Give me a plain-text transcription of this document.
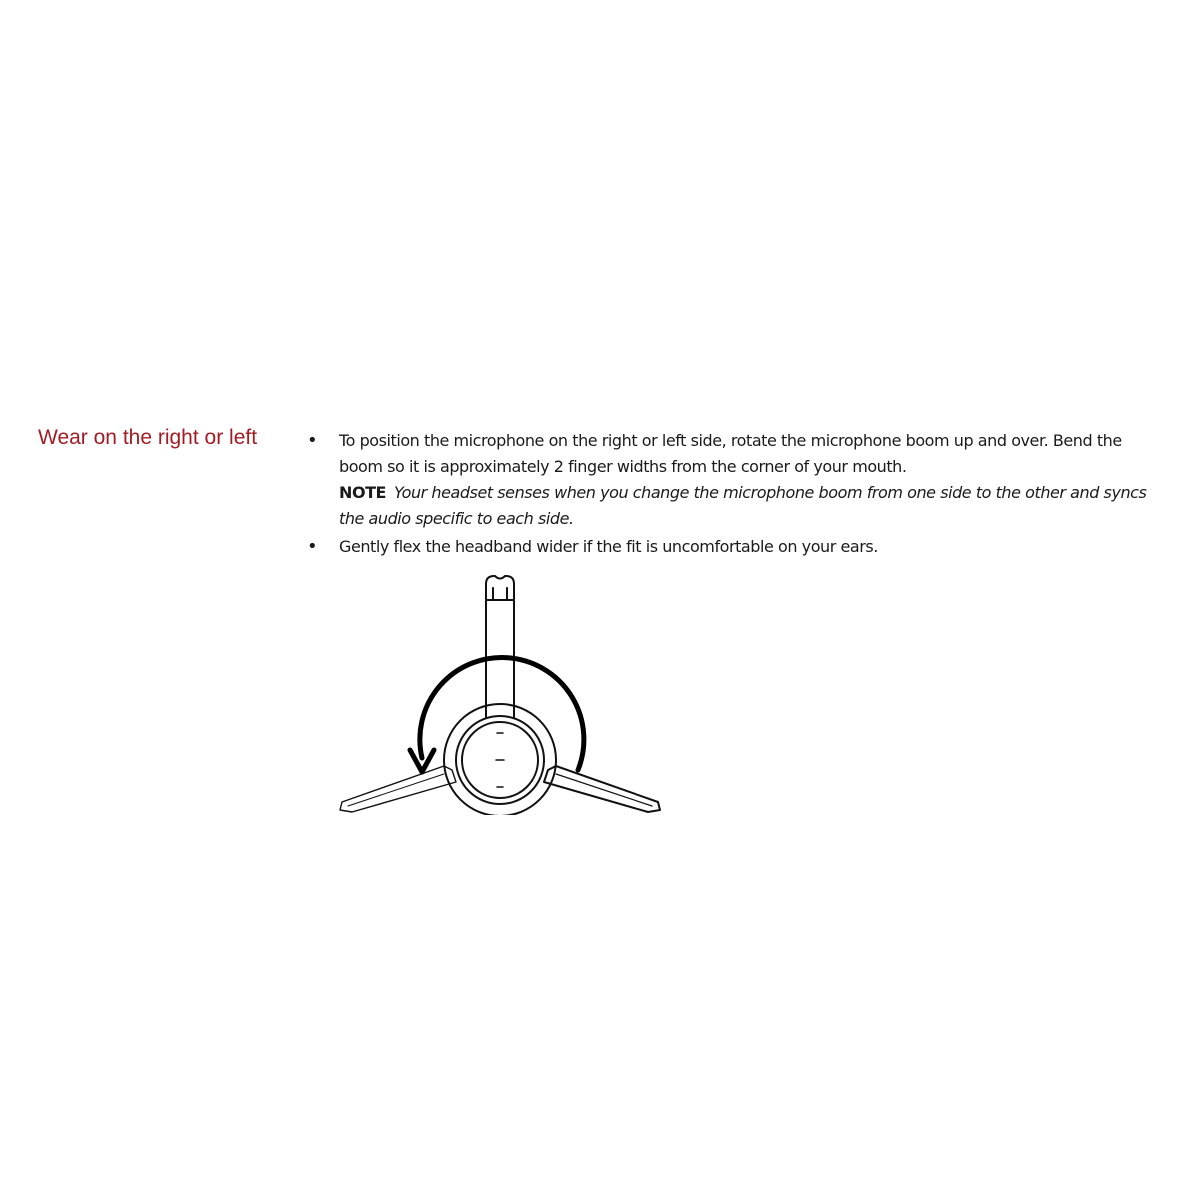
Wear on the right or left	• To position the microphone on the right or left side, rotate the microphone boom up and over. Bend the boom so it is approximately 2 finger widths from the corner of your mouth.
NOTE Your headset senses when you change the microphone boom from one side to the other and syncs the audio specific to each side.
• Gently flex the headband wider if the fit is uncomfortable on your ears.
